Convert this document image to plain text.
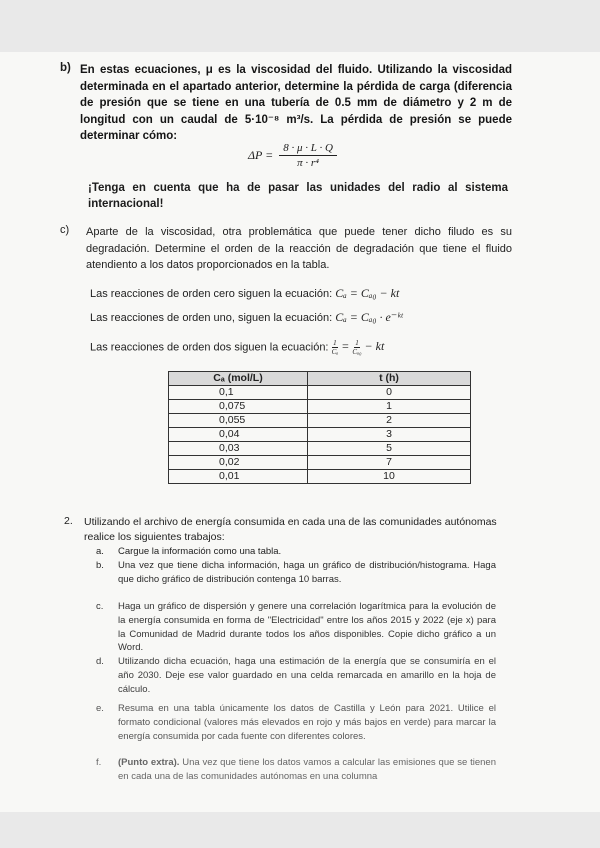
b) En estas ecuaciones, μ es la viscosidad del fluido. Utilizando la viscosidad determinada en el apartado anterior, determine la pérdida de carga (diferencia de presión que se tiene en una tubería de 0.5 mm de diámetro y 2 m de longitud con un caudal de 5·10⁻⁸ m³/s. La pérdida de presión se puede determinar cómo:

$\Delta P = \frac{8 \cdot \mu \cdot L \cdot Q}{\text{π · r⁴}}$

¡Tenga en cuenta que ha de pasar las unidades del radio al sistema internacional!

c) Aparte de la viscosidad, otra problemática que puede tener dicho filudo es su degradación. Determine el orden de la reacción de degradación que tiene el fluido atendiento a los datos proporcionados en la tabla.

Las reacciones de orden cero siguen la ecuación: Cₐ = Cₐ₀ − kt
Las reacciones de orden uno, siguen la ecuación: Cₐ = Cₐ₀ · e⁻ᵏᵗ
Las reacciones de orden dos siguen la ecuación: $\frac{1}{\text{Cₐ}} = \frac{1}{\text{Cₐ₀}}$ − kt
Cₐ (mol/L)	t (h)
0,1	0
0,075	1
0,055	2
0,04	3
0,03	5
0,02	7
0,01	10
2. Utilizando el archivo de energía consumida en cada una de las comunidades autónomas realice los siguientes trabajos:

a. Cargue la información como una tabla.
b. Una vez que tiene dicha información, haga un gráfico de distribución/histograma. Haga que dicho gráfico de distribución contenga 10 barras.
c. Haga un gráfico de dispersión y genere una correlación logarítmica para la evolución de la energía consumida en forma de "Electricidad" entre los años 2015 y 2022 (eje x) para la Comunidad de Madrid durante todos los años disponibles. Copie dicho gráfico a un Word.
d. Utilizando dicha ecuación, haga una estimación de la energía que se consumiría en el año 2030. Deje ese valor guardado en una celda remarcada en amarillo en la hoja de cálculo.
e. Resuma en una tabla únicamente los datos de Castilla y León para 2021. Utilice el formato condicional (valores más elevados en rojo y más bajos en verde) para marcar la energía consumida por cada fuente con diferentes colores.
f. (Punto extra). Una vez que tiene los datos vamos a calcular las emisiones que se tienen en cada una de las comunidades autónomas en una columna
